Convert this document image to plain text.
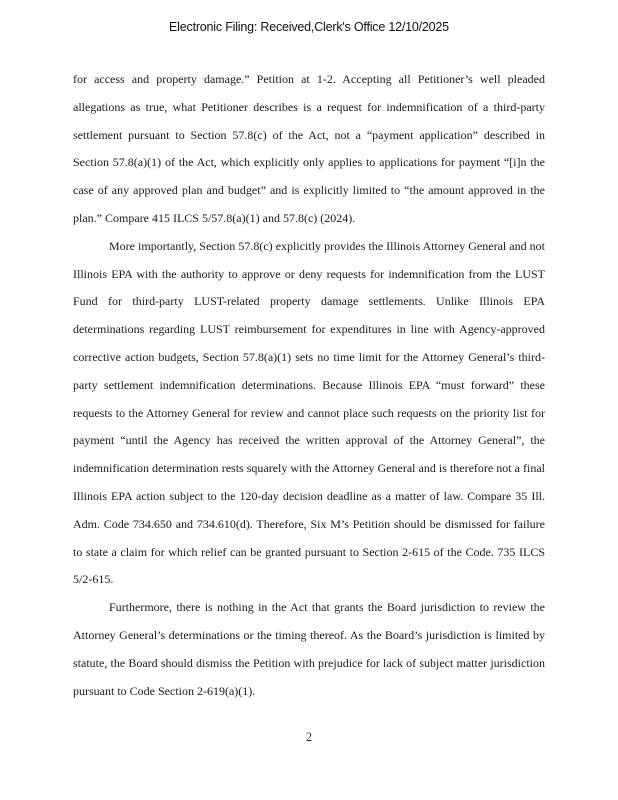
Electronic Filing: Received,Clerk's Office 12/10/2025

for access and property damage.” Petition at 1-2. Accepting all Petitioner’s well pleaded allegations as true, what Petitioner describes is a request for indemnification of a third-party settlement pursuant to Section 57.8(c) of the Act, not a “payment application” described in Section 57.8(a)(1) of the Act, which explicitly only applies to applications for payment “[i]n the case of any approved plan and budget” and is explicitly limited to “the amount approved in the plan.” Compare 415 ILCS 5/57.8(a)(1) and 57.8(c) (2024).

More importantly, Section 57.8(c) explicitly provides the Illinois Attorney General and not Illinois EPA with the authority to approve or deny requests for indemnification from the LUST Fund for third-party LUST-related property damage settlements. Unlike Illinois EPA determinations regarding LUST reimbursement for expenditures in line with Agency-approved corrective action budgets, Section 57.8(a)(1) sets no time limit for the Attorney General’s third-party settlement indemnification determinations. Because Illinois EPA “must forward” these requests to the Attorney General for review and cannot place such requests on the priority list for payment “until the Agency has received the written approval of the Attorney General”, the indemnification determination rests squarely with the Attorney General and is therefore not a final Illinois EPA action subject to the 120-day decision deadline as a matter of law. Compare 35 Ill. Adm. Code 734.650 and 734.610(d). Therefore, Six M’s Petition should be dismissed for failure to state a claim for which relief can be granted pursuant to Section 2-615 of the Code. 735 ILCS 5/2-615.

Furthermore, there is nothing in the Act that grants the Board jurisdiction to review the Attorney General’s determinations or the timing thereof. As the Board’s jurisdiction is limited by statute, the Board should dismiss the Petition with prejudice for lack of subject matter jurisdiction pursuant to Code Section 2-619(a)(1).

2
